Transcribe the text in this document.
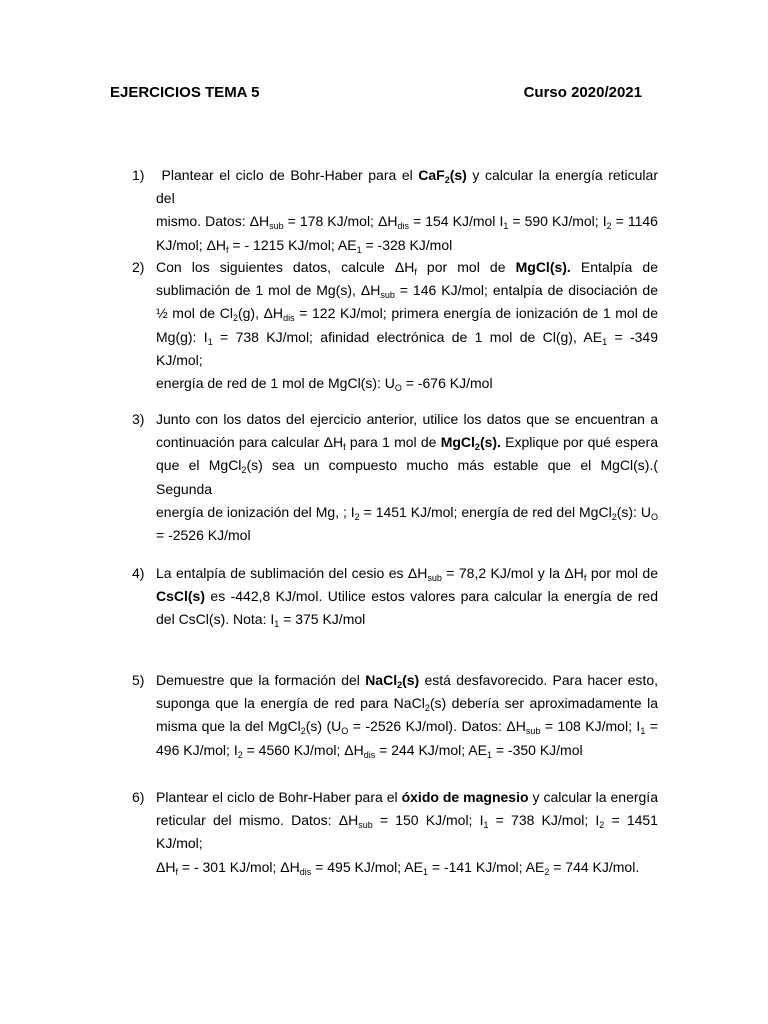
EJERCICIOS TEMA 5	Curso 2020/2021
1)	Plantear el ciclo de Bohr-Haber para el CaF$_2$(s) y calcular la energía reticular del
mismo. Datos: $\Delta H_{sub} = 178$ KJ/mol; $\Delta H_{dis} = 154$ KJ/mol $I_1 = 590$ KJ/mol; $I_2 = 1146$
KJ/mol; $\Delta H_f$ = - 1215 KJ/mol; $AE_1 = -328$ KJ/mol
2) Con los siguientes datos, calcule $\Delta H_f$ por mol de MgCl(s). Entalpía de
sublimación de 1 mol de Mg(s), $\Delta H_{sub} = 146$ KJ/mol; entalpía de disociación de
½ mol de $Cl_2(g)$, $\Delta H_{dis} = 122$ KJ/mol; primera energía de ionización de 1 mol de
Mg(g): $I_1 = 738$ KJ/mol; afinidad electrónica de 1 mol de Cl(g), $AE_1 = -349$ KJ/mol;
energía de red de 1 mol de MgCl(s): $U_O = -676$ KJ/mol
3) Junto con los datos del ejercicio anterior, utilice los datos que se encuentran a
continuación para calcular $\Delta H_f$ para 1 mol de MgCl$_2$(s). Explique por qué espera
que el MgCl$_2$(s) sea un compuesto mucho más estable que el MgCl(s).( Segunda
energía de ionización del Mg, ; $I_2 = 1451$ KJ/mol; energía de red del MgCl$_2$(s): $U_O$
= -2526 KJ/mol
4) La entalpía de sublimación del cesio es $\Delta H_{sub} = 78,2$ KJ/mol y la $\Delta H_f$ por mol de
CsCl(s) es -442,8 KJ/mol. Utilice estos valores para calcular la energía de red
del CsCl(s). Nota: $I_1 = 375$ KJ/mol
5) Demuestre que la formación del NaCl$_2$(s) está desfavorecido. Para hacer esto,
suponga que la energía de red para NaCl$_2$(s) debería ser aproximadamente la
misma que la del MgCl$_2$(s) ($U_O = -2526$ KJ/mol). Datos: $\Delta H_{sub} = 108$ KJ/mol; $I_1$ =
496 KJ/mol; $I_2 = 4560$ KJ/mol; $\Delta H_{dis} = 244$ KJ/mol; $AE_1 = -350$ KJ/mol
6) Plantear el ciclo de Bohr-Haber para el óxido de magnesio y calcular la energía
reticular del mismo. Datos: $\Delta H_{sub} = 150$ KJ/mol; $I_1 = 738$ KJ/mol; $I_2 = 1451$ KJ/mol;
$\Delta H_f$ = - 301 KJ/mol; $\Delta H_{dis} = 495$ KJ/mol; $AE_1 = -141$ KJ/mol; $AE_2 = 744$ KJ/mol.
